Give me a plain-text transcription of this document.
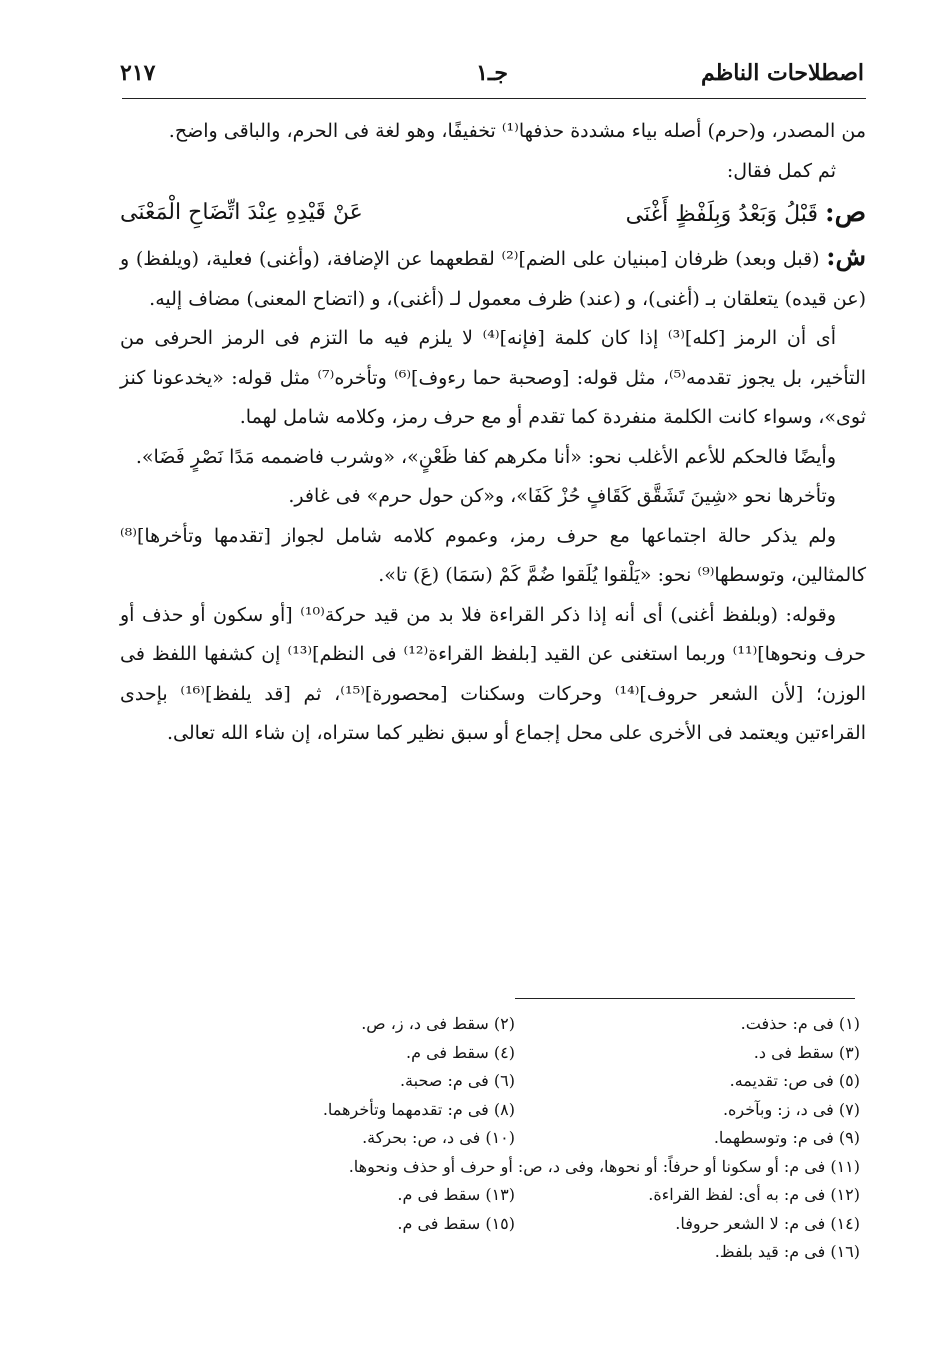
اصطلاحات الناظم
جـ١
٢١٧

من المصدر، و(حرم) أصله بياء مشددة حذفها⁽¹⁾ تخفيفًا، وهو لغة فى الحرم، والباقى واضح.

ثم كمل فقال:

ص: قَبْلُ وَبَعْدُ وَبِلَفْظٍ أَغْنَى
عَنْ قَيْدِهِ عِنْدَ اتِّضَاحِ الْمَعْنَى

ش: (قبل وبعد) ظرفان [مبنيان على الضم]⁽²⁾ لقطعهما عن الإضافة، (وأغنى) فعلية، (ويلفظ) و (عن قيده) يتعلقان بـ (أغنى)، و (عند) ظرف معمول لـ (أغنى)، و (اتضاح المعنى) مضاف إليه.

أى أن الرمز [كله]⁽³⁾ إذا كان كلمة [فإنه]⁽⁴⁾ لا يلزم فيه ما التزم فى الرمز الحرفى من التأخير، بل يجوز تقدمه⁽⁵⁾، مثل قوله: [وصحبة حما رءوف]⁽⁶⁾ وتأخره⁽⁷⁾ مثل قوله: «يخدعونا كنز ثوى»، وسواء كانت الكلمة منفردة كما تقدم أو مع حرف رمز، وكلامه شامل لهما.

وأيضًا فالحكم للأعم الأغلب نحو: «أنا مكرهم كفا ظَعْنٍ»، «وشرب فاضممه مَدًا نَصْرٍ فَضَا».

وتأخرها نحو «شِينَ تَشَقَّق كَقَافٍ حُزْ كَفَا»، و«كن حول حرم» فى غافر.

ولم يذكر حالة اجتماعها مع حرف رمز، وعموم كلامه شامل لجواز [تقدمها وتأخرها]⁽⁸⁾ كالمثالين، وتوسطها⁽⁹⁾ نحو: «يَلْقوا يُلَقوا ضُمَّ كَمْ (سَمَا) (عَ) تا».

وقوله: (وبلفظ أغنى) أى أنه إذا ذكر القراءة فلا بد من قيد حركة⁽¹⁰⁾ [أو سكون أو حذف أو حرف ونحوها]⁽¹¹⁾ وربما استغنى عن القيد [بلفظ القراءة⁽¹²⁾ فى النظم]⁽¹³⁾ إن كشفها اللفظ فى الوزن؛ [لأن الشعر حروف]⁽¹⁴⁾ وحركات وسكنات [محصورة]⁽¹⁵⁾، ثم [قد يلفظ]⁽¹⁶⁾ بإحدى القراءتين ويعتمد فى الأخرى على محل إجماع أو سبق نظير كما ستراه، إن شاء الله تعالى.

(١) فى م: حذفت.
(٢) سقط فى د، ز، ص.
(٣) سقط فى د.
(٤) سقط فى م.
(٥) فى ص: تقديمه.
(٦) فى م: صحبة.
(٧) فى د، ز: وبآخره.
(٨) فى م: تقدمهما وتأخرهما.
(٩) فى م: وتوسطهما.
(١٠) فى د، ص: بحركة.
(١١) فى م: أو سكونا أو حرفاً: أو نحوها، وفى د، ص: أو حرف أو حذف ونحوها.
(١٢) فى م: به أى: لفظ القراءة.
(١٣) سقط فى م.
(١٤) فى م: لا الشعر حروفا.
(١٥) سقط فى م.
(١٦) فى م: قيد بلفظ.
